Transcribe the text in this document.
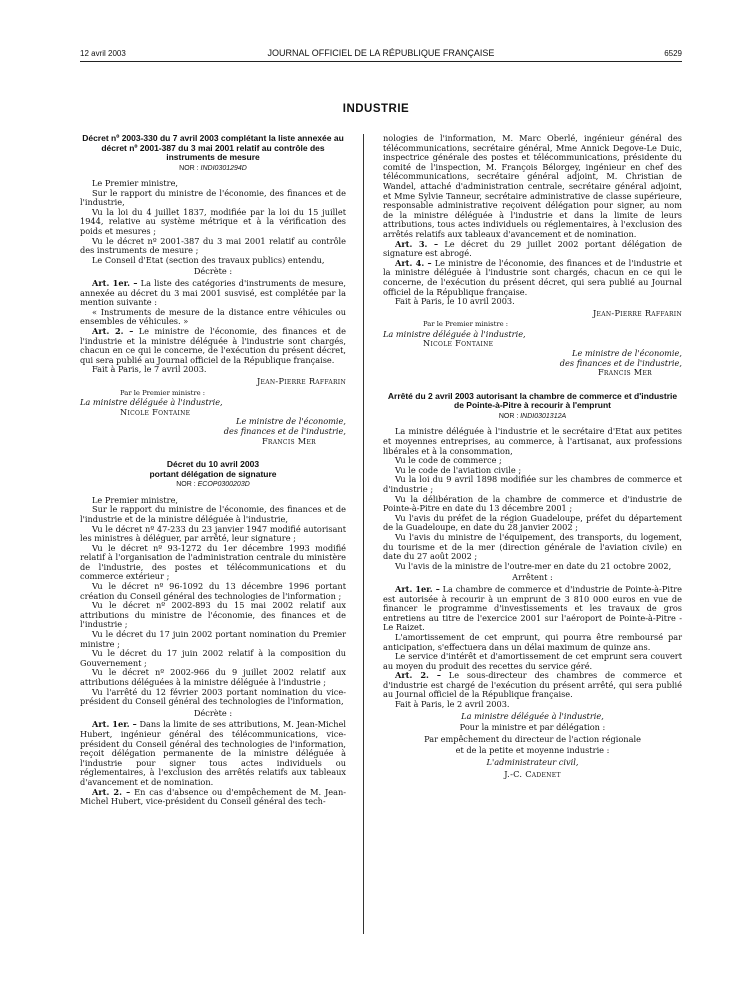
12 avril 2003	JOURNAL OFFICIEL DE LA RÉPUBLIQUE FRANÇAISE	6529
INDUSTRIE

Décret nº 2003-330 du 7 avril 2003 complétant la liste annexée au décret nº 2001-387 du 3 mai 2001 relatif au contrôle des instruments de mesure

NOR : INDI0301294D

Le Premier ministre,

Sur le rapport du ministre de l'économie, des finances et de l'industrie,

Vu la loi du 4 juillet 1837, modifiée par la loi du 15 juillet 1944, relative au système métrique et à la vérification des poids et mesures ;

Vu le décret nº 2001-387 du 3 mai 2001 relatif au contrôle des instruments de mesure ;

Le Conseil d'Etat (section des travaux publics) entendu,

Décrète :

Art. 1er. – La liste des catégories d'instruments de mesure, annexée au décret du 3 mai 2001 susvisé, est complétée par la mention suivante :

« Instruments de mesure de la distance entre véhicules ou ensembles de véhicules. »

Art. 2. – Le ministre de l'économie, des finances et de l'industrie et la ministre déléguée à l'industrie sont chargés, chacun en ce qui le concerne, de l'exécution du présent décret, qui sera publié au Journal officiel de la République française.

Fait à Paris, le 7 avril 2003.

Jean-Pierre Raffarin

Par le Premier ministre :

La ministre déléguée à l'industrie,

Nicole Fontaine

Le ministre de l'économie,

des finances et de l'industrie,

Francis Mer

Décret du 10 avril 2003

portant délégation de signature

NOR : ECOP0300203D

Le Premier ministre,

Sur le rapport du ministre de l'économie, des finances et de l'industrie et de la ministre déléguée à l'industrie,

Vu le décret nº 47-233 du 23 janvier 1947 modifié autorisant les ministres à déléguer, par arrêté, leur signature ;

Vu le décret nº 93-1272 du 1er décembre 1993 modifié relatif à l'organisation de l'administration centrale du ministère de l'industrie, des postes et télécommunications et du commerce extérieur ;

Vu le décret nº 96-1092 du 13 décembre 1996 portant création du Conseil général des technologies de l'information ;

Vu le décret nº 2002-893 du 15 mai 2002 relatif aux attributions du ministre de l'économie, des finances et de l'industrie ;

Vu le décret du 17 juin 2002 portant nomination du Premier ministre ;

Vu le décret du 17 juin 2002 relatif à la composition du Gouvernement ;

Vu le décret nº 2002-966 du 9 juillet 2002 relatif aux attributions déléguées à la ministre déléguée à l'industrie ;

Vu l'arrêté du 12 février 2003 portant nomination du vice-président du Conseil général des technologies de l'information,

Décrète :

Art. 1er. – Dans la limite de ses attributions, M. Jean-Michel Hubert, ingénieur général des télécommunications, vice-président du Conseil général des technologies de l'information, reçoit délégation permanente de la ministre déléguée à l'industrie pour signer tous actes individuels ou réglementaires, à l'exclusion des arrêtés relatifs aux tableaux d'avancement et de nomination.

Art. 2. – En cas d'absence ou d'empêchement de M. Jean-Michel Hubert, vice-président du Conseil général des tech-

nologies de l'information, M. Marc Oberlé, ingénieur général des télécommunications, secrétaire général, Mme Annick Degove-Le Duic, inspectrice générale des postes et télécommunications, présidente du comité de l'inspection, M. François Bélorgey, ingénieur en chef des télécommunications, secrétaire général adjoint, M. Christian de Wandel, attaché d'administration centrale, secrétaire général adjoint, et Mme Sylvie Tanneur, secrétaire administrative de classe supérieure, responsable administrative reçoivent délégation pour signer, au nom de la ministre déléguée à l'industrie et dans la limite de leurs attributions, tous actes individuels ou réglementaires, à l'exclusion des arrêtés relatifs aux tableaux d'avancement et de nomination.

Art. 3. – Le décret du 29 juillet 2002 portant délégation de signature est abrogé.

Art. 4. – Le ministre de l'économie, des finances et de l'industrie et la ministre déléguée à l'industrie sont chargés, chacun en ce qui le concerne, de l'exécution du présent décret, qui sera publié au Journal officiel de la République française.

Fait à Paris, le 10 avril 2003.

Jean-Pierre Raffarin

Par le Premier ministre :

La ministre déléguée à l'industrie,

Nicole Fontaine

Le ministre de l'économie,

des finances et de l'industrie,

Francis Mer

Arrêté du 2 avril 2003 autorisant la chambre de commerce et d'industrie de Pointe-à-Pitre à recourir à l'emprunt

NOR : INDI0301312A

La ministre déléguée à l'industrie et le secrétaire d'Etat aux petites et moyennes entreprises, au commerce, à l'artisanat, aux professions libérales et à la consommation,

Vu le code de commerce ;

Vu le code de l'aviation civile ;

Vu la loi du 9 avril 1898 modifiée sur les chambres de commerce et d'industrie ;

Vu la délibération de la chambre de commerce et d'industrie de Pointe-à-Pitre en date du 13 décembre 2001 ;

Vu l'avis du préfet de la région Guadeloupe, préfet du département de la Guadeloupe, en date du 28 janvier 2002 ;

Vu l'avis du ministre de l'équipement, des transports, du logement, du tourisme et de la mer (direction générale de l'aviation civile) en date du 27 août 2002 ;

Vu l'avis de la ministre de l'outre-mer en date du 21 octobre 2002,

Arrêtent :

Art. 1er. – La chambre de commerce et d'industrie de Pointe-à-Pitre est autorisée à recourir à un emprunt de 3 810 000 euros en vue de financer le programme d'investissements et les travaux de gros entretiens au titre de l'exercice 2001 sur l'aéroport de Pointe-à-Pitre - Le Raizet.

L'amortissement de cet emprunt, qui pourra être remboursé par anticipation, s'effectuera dans un délai maximum de quinze ans.

Le service d'intérêt et d'amortissement de cet emprunt sera couvert au moyen du produit des recettes du service géré.

Art. 2. – Le sous-directeur des chambres de commerce et d'industrie est chargé de l'exécution du présent arrêté, qui sera publié au Journal officiel de la République française.

Fait à Paris, le 2 avril 2003.

La ministre déléguée à l'industrie,

Pour la ministre et par délégation :

Par empêchement du directeur de l'action régionale

et de la petite et moyenne industrie :

L'administrateur civil,

J.-C. Cadenet
